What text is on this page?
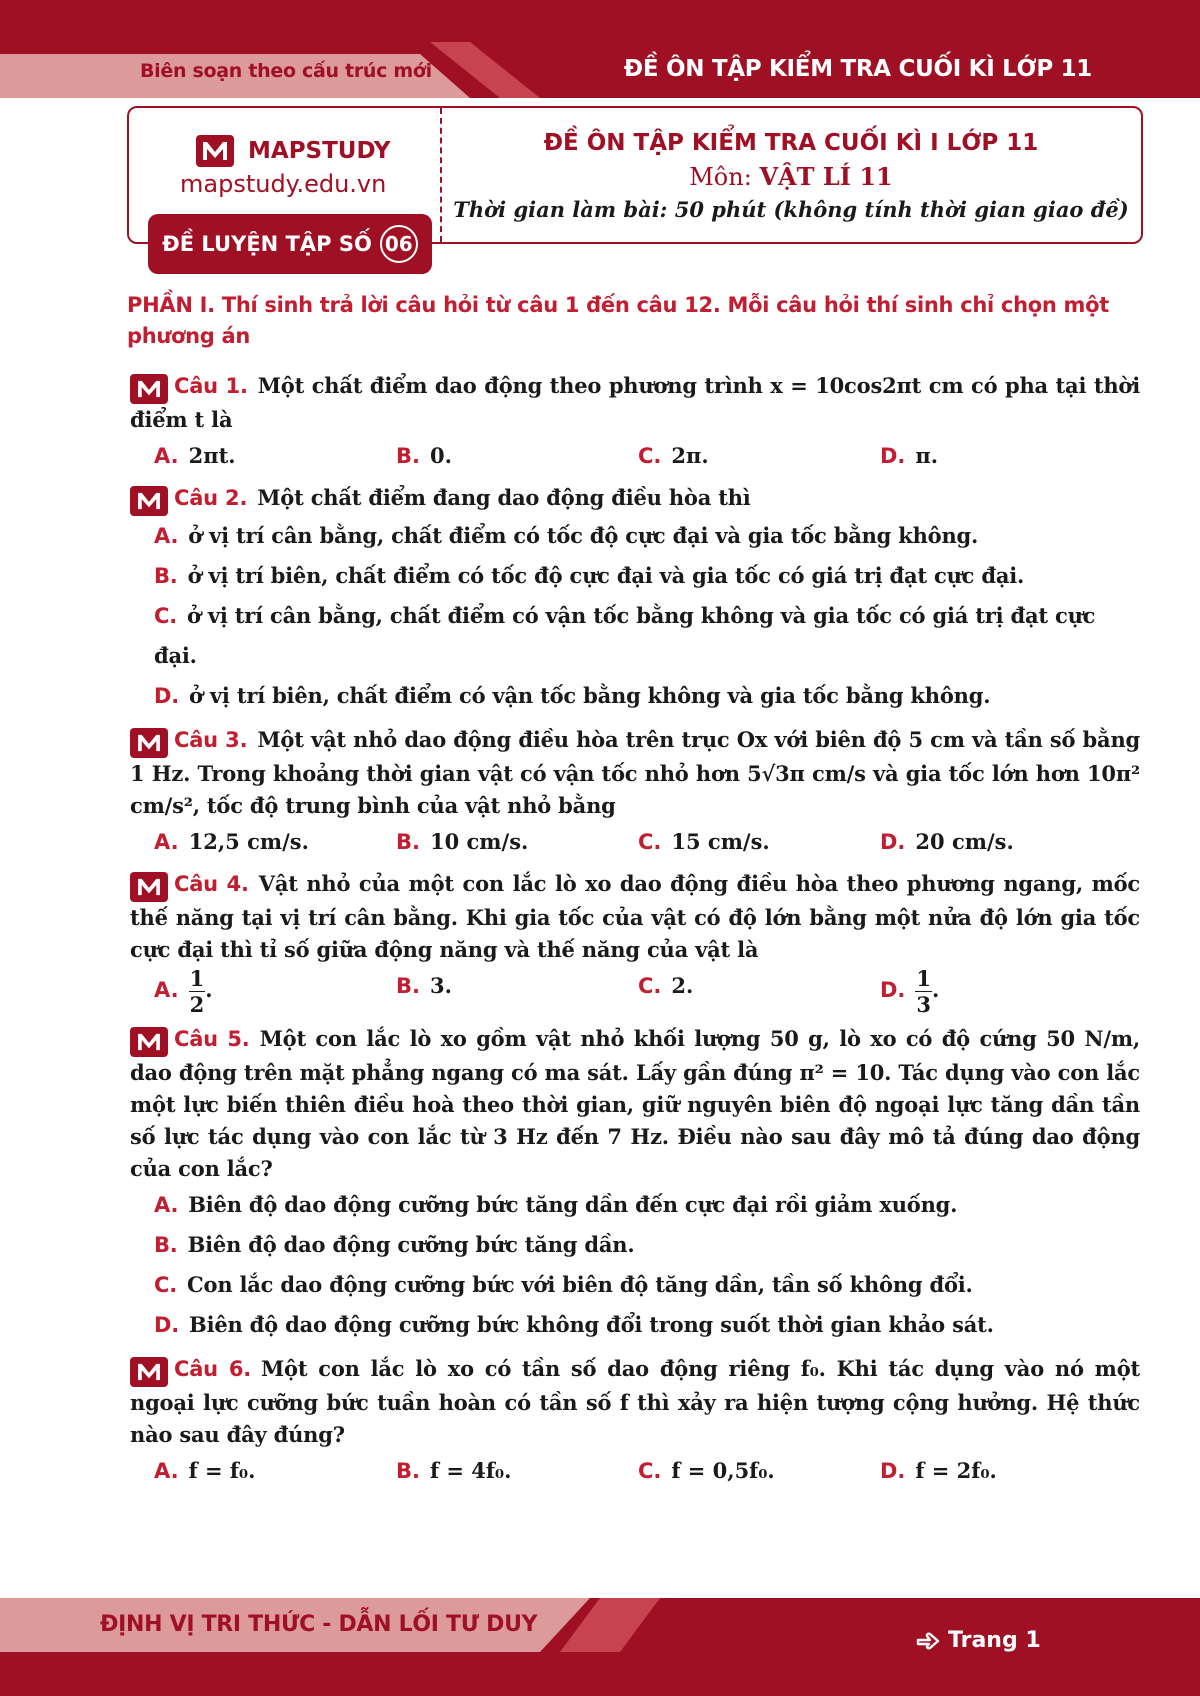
Biên soạn theo cấu trúc mới	ĐỀ ÔN TẬP KIỂM TRA CUỐI KÌ LỚP 11
MAPSTUDY
mapstudy.edu.vn
ĐỀ LUYỆN TẬP SỐ 06
ĐỀ ÔN TẬP KIỂM TRA CUỐI KÌ I LỚP 11
Môn: VẬT LÍ 11
Thời gian làm bài: 50 phút (không tính thời gian giao đề)
PHẦN I. Thí sinh trả lời câu hỏi từ câu 1 đến câu 12. Mỗi câu hỏi thí sinh chỉ chọn một phương án
Câu 1. Một chất điểm dao động theo phương trình x = 10cos2πt cm có pha tại thời điểm t là
A. 2πt.	B. 0.	C. 2π.	D. π.
Câu 2. Một chất điểm đang dao động điều hòa thì
A. ở vị trí cân bằng, chất điểm có tốc độ cực đại và gia tốc bằng không.
B. ở vị trí biên, chất điểm có tốc độ cực đại và gia tốc có giá trị đạt cực đại.
C. ở vị trí cân bằng, chất điểm có vận tốc bằng không và gia tốc có giá trị đạt cực đại.
D. ở vị trí biên, chất điểm có vận tốc bằng không và gia tốc bằng không.
Câu 3. Một vật nhỏ dao động điều hòa trên trục Ox với biên độ 5 cm và tần số bằng 1 Hz. Trong khoảng thời gian vật có vận tốc nhỏ hơn 5√3π cm/s và gia tốc lớn hơn 10π² cm/s², tốc độ trung bình của vật nhỏ bằng
A. 12,5 cm/s.	B. 10 cm/s.	C. 15 cm/s.	D. 20 cm/s.
Câu 4. Vật nhỏ của một con lắc lò xo dao động điều hòa theo phương ngang, mốc thế năng tại vị trí cân bằng. Khi gia tốc của vật có độ lớn bằng một nửa độ lớn gia tốc cực đại thì tỉ số giữa động năng và thế năng của vật là
A. $\frac{1}{2}$ .	B. 3.	C. 2.	D. $\frac{1}{3}$ .
Câu 5. Một con lắc lò xo gồm vật nhỏ khối lượng 50 g, lò xo có độ cứng 50 N/m, dao động trên mặt phẳng ngang có ma sát. Lấy gần đúng π² = 10. Tác dụng vào con lắc một lực biến thiên điều hoà theo thời gian, giữ nguyên biên độ ngoại lực tăng dần tần số lực tác dụng vào con lắc từ 3 Hz đến 7 Hz. Điều nào sau đây mô tả đúng dao động của con lắc?
A. Biên độ dao động cưỡng bức tăng dần đến cực đại rồi giảm xuống.
B. Biên độ dao động cưỡng bức tăng dần.
C. Con lắc dao động cưỡng bức với biên độ tăng dần, tần số không đổi.
D. Biên độ dao động cưỡng bức không đổi trong suốt thời gian khảo sát.
Câu 6. Một con lắc lò xo có tần số dao động riêng f₀. Khi tác dụng vào nó một ngoại lực cưỡng bức tuần hoàn có tần số f thì xảy ra hiện tượng cộng hưởng. Hệ thức nào sau đây đúng?
A. f = f₀.	B. f = 4f₀.	C. f = 0,5f₀.	D. f = 2f₀.
ĐỊNH VỊ TRI THỨC - DẪN LỐI TƯ DUY
Trang 1
